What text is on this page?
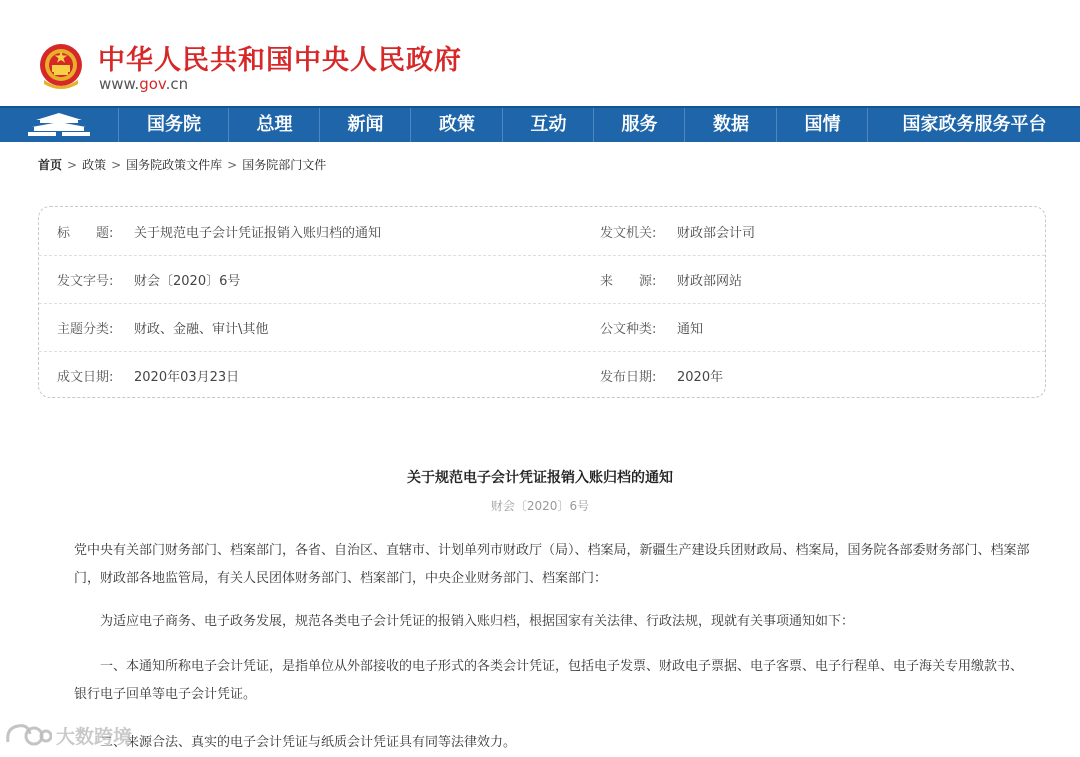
中华人民共和国中央人民政府
www.gov.cn
国务院	总理	新闻	政策	互动	服务	数据	国情	国家政务服务平台
首页 > 政策 > 国务院政策文件库 > 国务院部门文件
标　　题: 关于规范电子会计凭证报销入账归档的通知	发文机关: 财政部会计司
发文字号: 财会〔2020〕6号	来　　源: 财政部网站
主题分类: 财政、金融、审计\其他	公文种类: 通知
成文日期: 2020年03月23日	发布日期: 2020年
关于规范电子会计凭证报销入账归档的通知
财会〔2020〕6号
党中央有关部门财务部门、档案部门，各省、自治区、直辖市、计划单列市财政厅（局）、档案局，新疆生产建设兵团财政局、档案局，国务院各部委财务部门、档案部门，财政部各地监管局，有关人民团体财务部门、档案部门，中央企业财务部门、档案部门：
为适应电子商务、电子政务发展，规范各类电子会计凭证的报销入账归档，根据国家有关法律、行政法规，现就有关事项通知如下：
一、本通知所称电子会计凭证，是指单位从外部接收的电子形式的各类会计凭证，包括电子发票、财政电子票据、电子客票、电子行程单、电子海关专用缴款书、银行电子回单等电子会计凭证。
二、来源合法、真实的电子会计凭证与纸质会计凭证具有同等法律效力。
大数跨境
